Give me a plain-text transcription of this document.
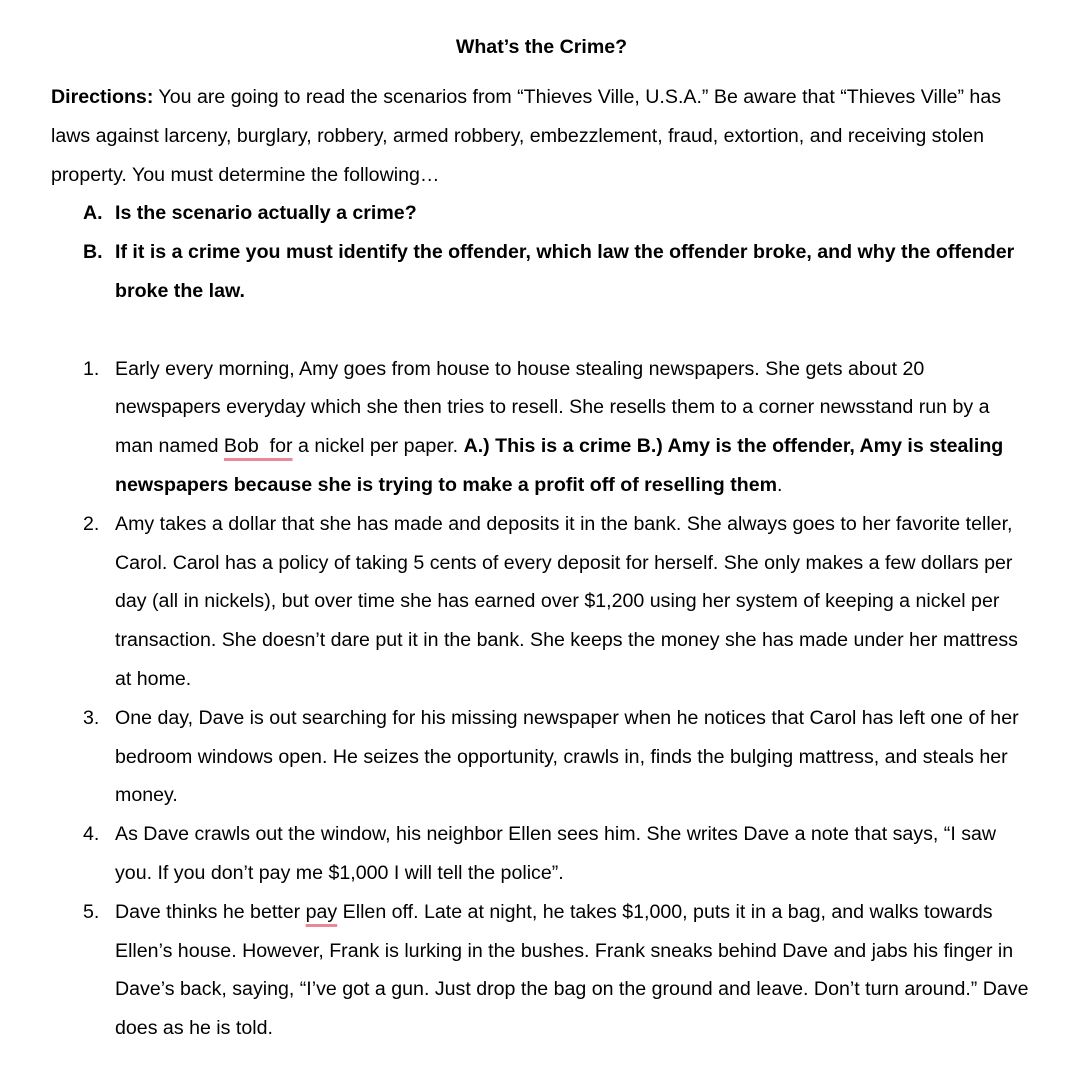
What’s the Crime?

Directions: You are going to read the scenarios from “Thieves Ville, U.S.A.” Be aware that “Thieves Ville” has laws against larceny, burglary, robbery, armed robbery, embezzlement, fraud, extortion, and receiving stolen property. You must determine the following…

A. Is the scenario actually a crime?
B. If it is a crime you must identify the offender, which law the offender broke, and why the offender broke the law.
1. Early every morning, Amy goes from house to house stealing newspapers. She gets about 20 newspapers everyday which she then tries to resell. She resells them to a corner newsstand run by a man named Bob  for a nickel per paper. A.) This is a crime B.) Amy is the offender, Amy is stealing newspapers because she is trying to make a profit off of reselling them.
2. Amy takes a dollar that she has made and deposits it in the bank. She always goes to her favorite teller, Carol. Carol has a policy of taking 5 cents of every deposit for herself. She only makes a few dollars per day (all in nickels), but over time she has earned over $1,200 using her system of keeping a nickel per transaction. She doesn’t dare put it in the bank. She keeps the money she has made under her mattress at home.
3. One day, Dave is out searching for his missing newspaper when he notices that Carol has left one of her bedroom windows open. He seizes the opportunity, crawls in, finds the bulging mattress, and steals her money.
4. As Dave crawls out the window, his neighbor Ellen sees him. She writes Dave a note that says, “I saw you. If you don’t pay me $1,000 I will tell the police”.
5. Dave thinks he better pay Ellen off. Late at night, he takes $1,000, puts it in a bag, and walks towards Ellen’s house. However, Frank is lurking in the bushes. Frank sneaks behind Dave and jabs his finger in Dave’s back, saying, “I’ve got a gun. Just drop the bag on the ground and leave. Don’t turn around.” Dave does as he is told.
